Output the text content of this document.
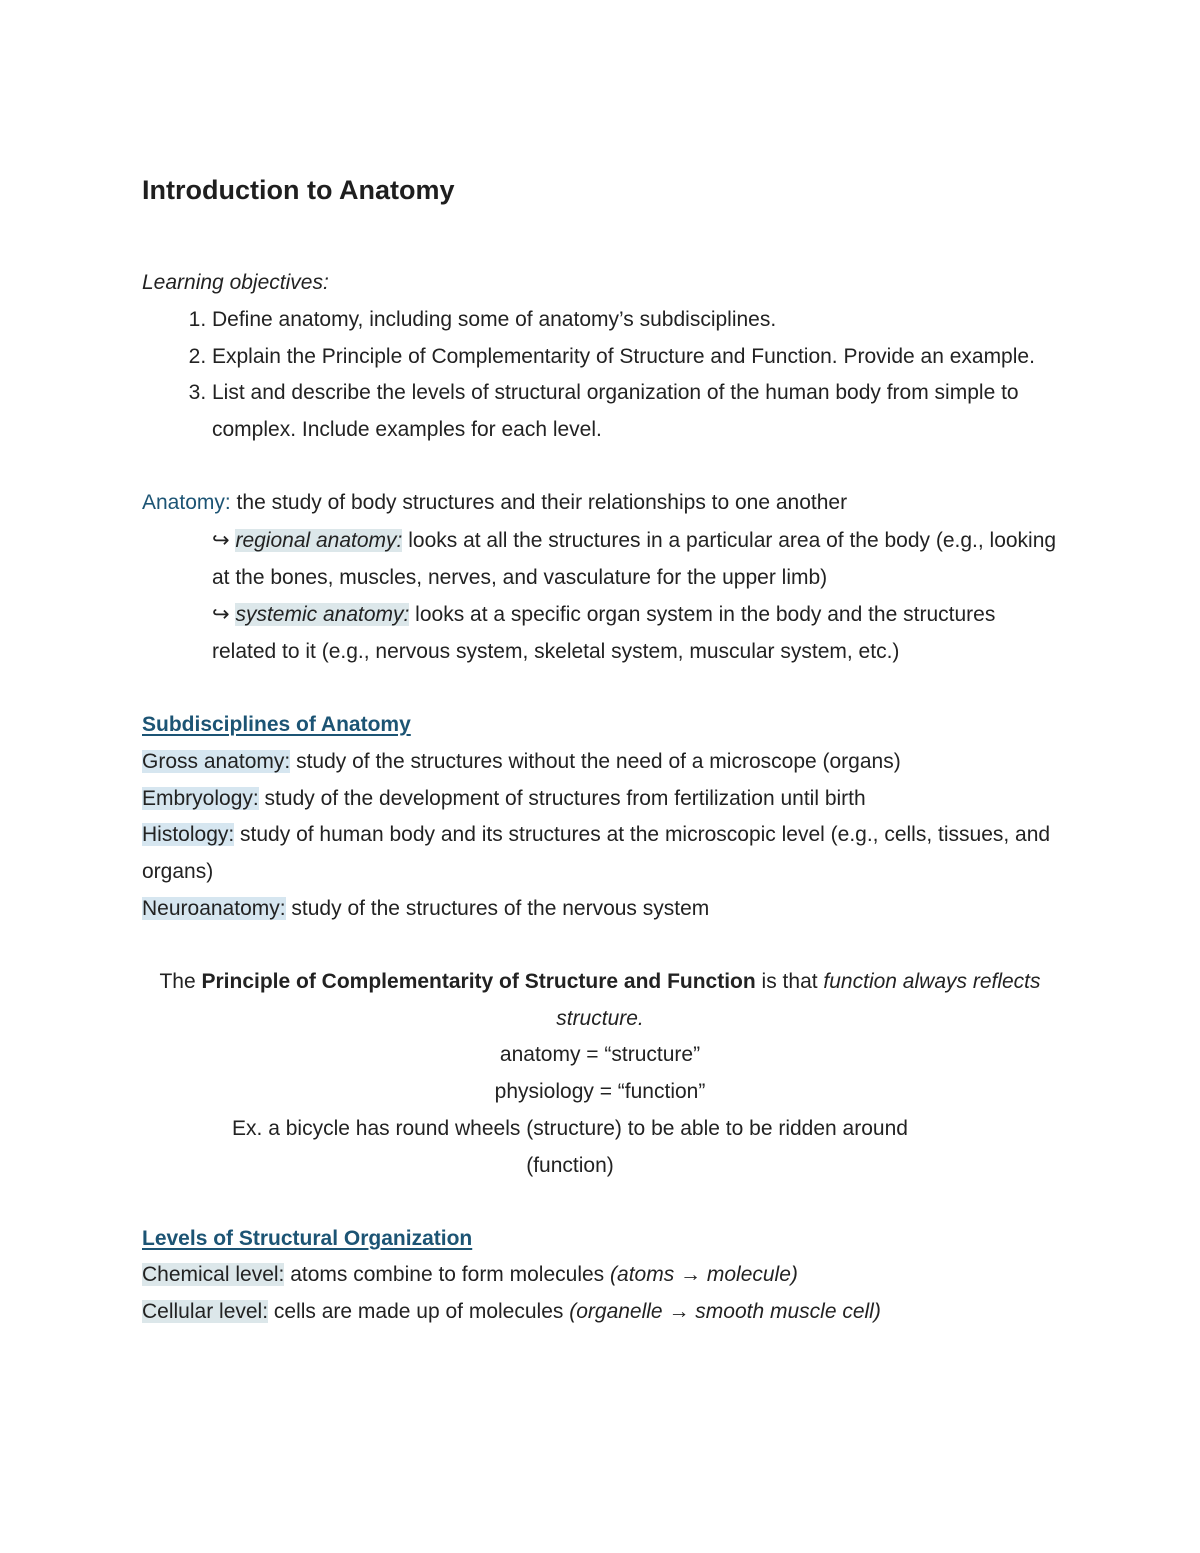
Introduction to Anatomy

Learning objectives:

1. Define anatomy, including some of anatomy’s subdisciplines.
2. Explain the Principle of Complementarity of Structure and Function. Provide an example.
3. List and describe the levels of structural organization of the human body from simple to complex. Include examples for each level.

Anatomy: the study of body structures and their relationships to one another

↪ regional anatomy: looks at all the structures in a particular area of the body (e.g., looking at the bones, muscles, nerves, and vasculature for the upper limb)

↪ systemic anatomy: looks at a specific organ system in the body and the structures related to it (e.g., nervous system, skeletal system, muscular system, etc.)

Subdisciplines of Anatomy

Gross anatomy: study of the structures without the need of a microscope (organs)

Embryology: study of the development of structures from fertilization until birth

Histology: study of human body and its structures at the microscopic level (e.g., cells, tissues, and organs)

Neuroanatomy: study of the structures of the nervous system

The Principle of Complementarity of Structure and Function is that function always reflects structure.

anatomy = “structure”

physiology = “function”

Ex. a bicycle has round wheels (structure) to be able to be ridden around (function)

Levels of Structural Organization

Chemical level: atoms combine to form molecules (atoms → molecule)

Cellular level: cells are made up of molecules (organelle → smooth muscle cell)
